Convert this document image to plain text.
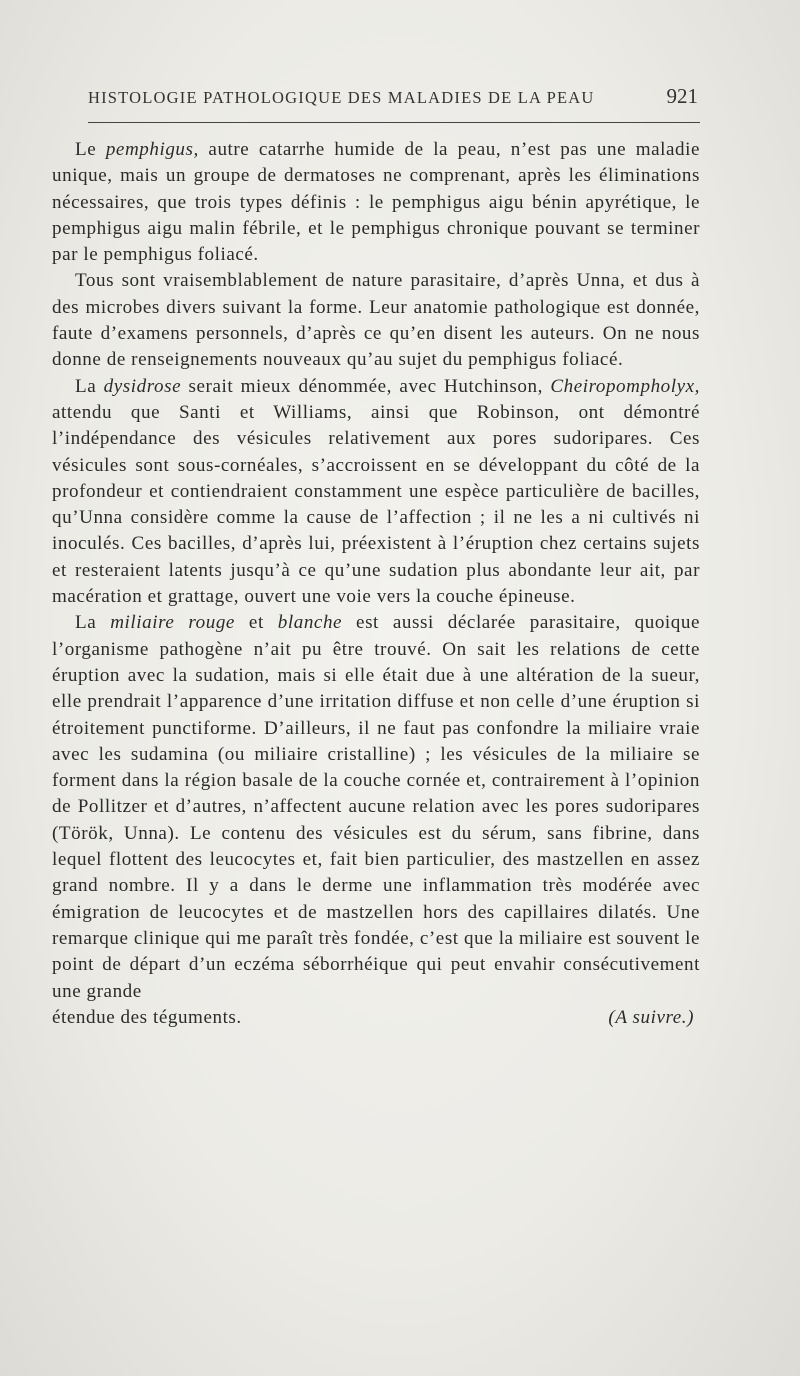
HISTOLOGIE PATHOLOGIQUE DES MALADIES DE LA PEAU	921

Le pemphigus, autre catarrhe humide de la peau, n’est pas une maladie unique, mais un groupe de dermatoses ne comprenant, après les éliminations nécessaires, que trois types définis : le pemphigus aigu bénin apyrétique, le pemphigus aigu malin fébrile, et le pemphigus chronique pouvant se terminer par le pemphigus foliacé.

Tous sont vraisemblablement de nature parasitaire, d’après Unna, et dus à des microbes divers suivant la forme. Leur anatomie pathologique est donnée, faute d’examens personnels, d’après ce qu’en disent les auteurs. On ne nous donne de renseignements nouveaux qu’au sujet du pemphigus foliacé.

La dysidrose serait mieux dénommée, avec Hutchinson, Cheiropompholyx, attendu que Santi et Williams, ainsi que Robinson, ont démontré l’indépendance des vésicules relativement aux pores sudoripares. Ces vésicules sont sous-cornéales, s’accroissent en se développant du côté de la profondeur et contiendraient constamment une espèce particulière de bacilles, qu’Unna considère comme la cause de l’affection ; il ne les a ni cultivés ni inoculés. Ces bacilles, d’après lui, préexistent à l’éruption chez certains sujets et resteraient latents jusqu’à ce qu’une sudation plus abondante leur ait, par macération et grattage, ouvert une voie vers la couche épineuse.

La miliaire rouge et blanche est aussi déclarée parasitaire, quoique l’organisme pathogène n’ait pu être trouvé. On sait les relations de cette éruption avec la sudation, mais si elle était due à une altération de la sueur, elle prendrait l’apparence d’une irritation diffuse et non celle d’une éruption si étroitement punctiforme. D’ailleurs, il ne faut pas confondre la miliaire vraie avec les sudamina (ou miliaire cristalline) ; les vésicules de la miliaire se forment dans la région basale de la couche cornée et, contrairement à l’opinion de Pollitzer et d’autres, n’affectent aucune relation avec les pores sudoripares (Török, Unna). Le contenu des vésicules est du sérum, sans fibrine, dans lequel flottent des leucocytes et, fait bien particulier, des mastzellen en assez grand nombre. Il y a dans le derme une inflammation très modérée avec émigration de leucocytes et de mastzellen hors des capillaires dilatés. Une remarque clinique qui me paraît très fondée, c’est que la miliaire est souvent le point de départ d’un eczéma séborrhéique qui peut envahir consécutivement une grande

étendue des téguments.	(A suivre.)
